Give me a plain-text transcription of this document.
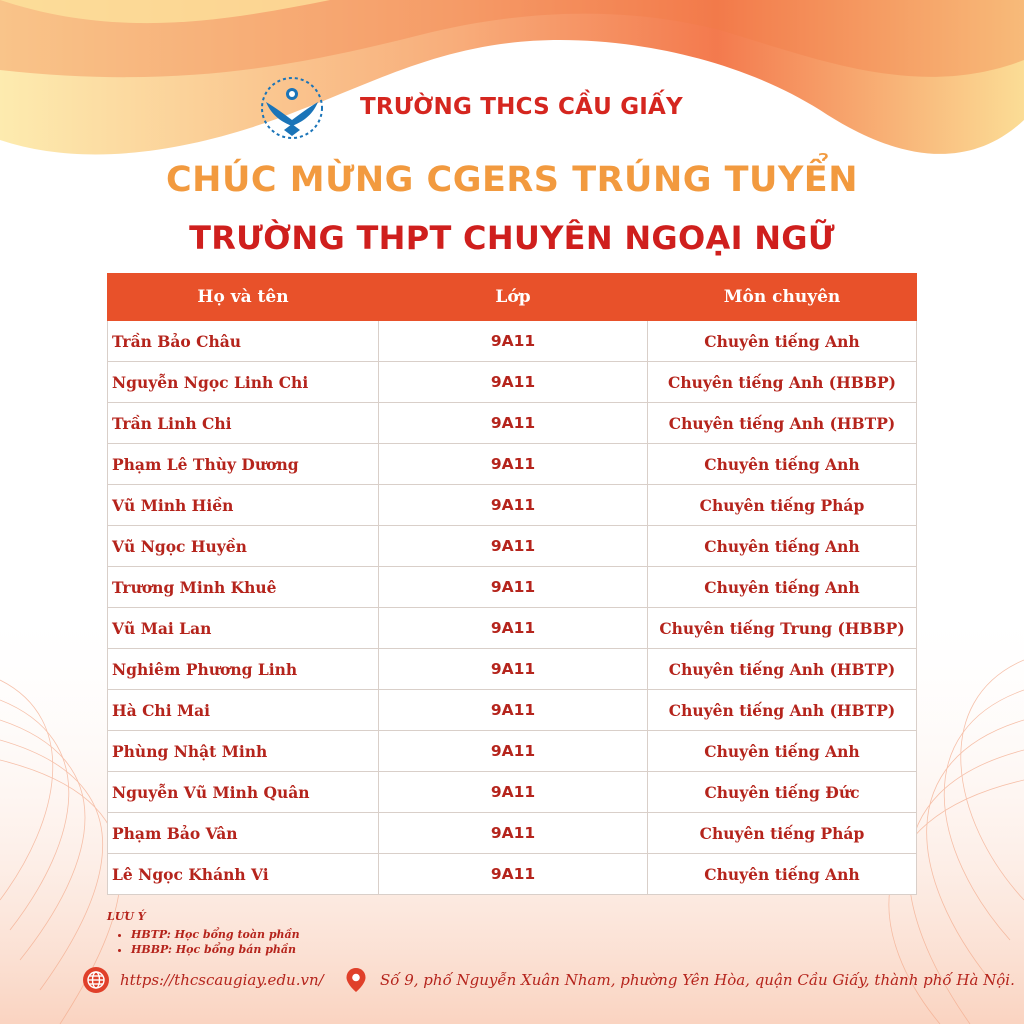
TRƯỜNG THCS CẦU GIẤY
CHÚC MỪNG CGERS TRÚNG TUYỂN
TRƯỜNG THPT CHUYÊN NGOẠI NGỮ
Họ và tên	Lớp	Môn chuyên
Trần Bảo Châu	9A11	Chuyên tiếng Anh
Nguyễn Ngọc Linh Chi	9A11	Chuyên tiếng Anh (HBBP)
Trần Linh Chi	9A11	Chuyên tiếng Anh (HBTP)
Phạm Lê Thùy Dương	9A11	Chuyên tiếng Anh
Vũ Minh Hiền	9A11	Chuyên tiếng Pháp
Vũ Ngọc Huyền	9A11	Chuyên tiếng Anh
Trương Minh Khuê	9A11	Chuyên tiếng Anh
Vũ Mai Lan	9A11	Chuyên tiếng Trung (HBBP)
Nghiêm Phương Linh	9A11	Chuyên tiếng Anh (HBTP)
Hà Chi Mai	9A11	Chuyên tiếng Anh (HBTP)
Phùng Nhật Minh	9A11	Chuyên tiếng Anh
Nguyễn Vũ Minh Quân	9A11	Chuyên tiếng Đức
Phạm Bảo Vân	9A11	Chuyên tiếng Pháp
Lê Ngọc Khánh Vi	9A11	Chuyên tiếng Anh
LƯU Ý
• HBTP: Học bổng toàn phần
• HBBP: Học bổng bán phần
https://thcscaugiay.edu.vn/	Số 9, phố Nguyễn Xuân Nham, phường Yên Hòa, quận Cầu Giấy, thành phố Hà Nội.
